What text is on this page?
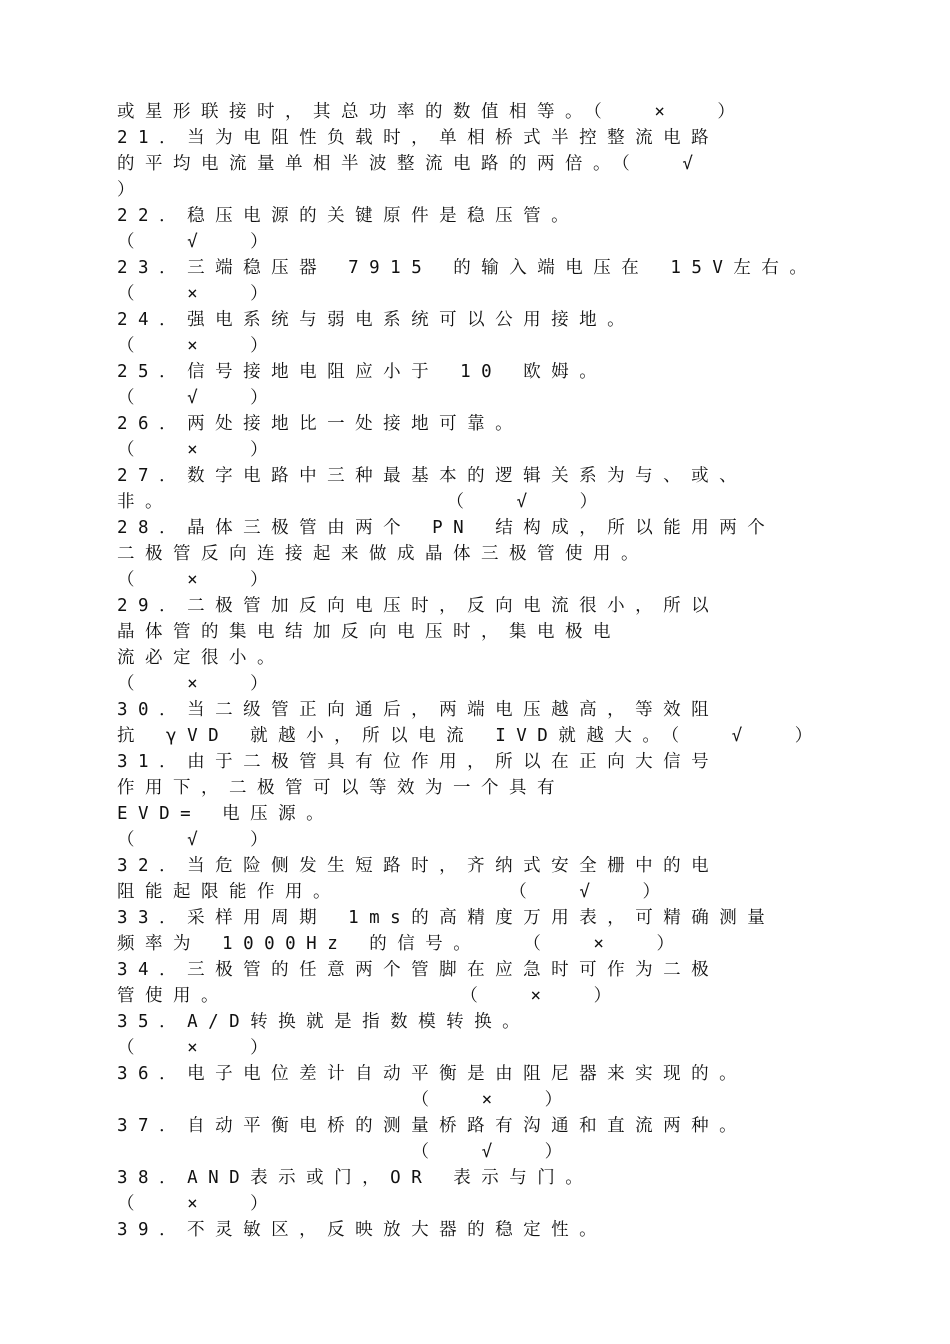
或星形联接时，其总功率的数值相等。（  ×  ）
21．当为电阻性负载时，单相桥式半控整流电路
的平均电流量单相半波整流电路的两倍。（  √
）
22．稳压电源的关键原件是稳压管。
（  √  ）
23．三端稳压器 7915 的输入端电压在 15V左右。
（  ×  ）
24．强电系统与弱电系统可以公用接地。
（  ×  ）
25．信号接地电阻应小于 10 欧姆。
（  √  ）
26．两处接地比一处接地可靠。
（  ×  ）
27．数字电路中三种最基本的逻辑关系为与、或、
非。             （  √  ）
28．晶体三极管由两个 PN 结构成，所以能用两个
二极管反向连接起来做成晶体三极管使用。
（  ×  ）
29．二极管加反向电压时，反向电流很小，所以
晶体管的集电结加反向电压时，集电极电
流必定很小。
（  ×  ）
30．当二级管正向通后，两端电压越高，等效阻
抗 γVD 就越小，所以电流 IVD就越大。（  √  ）
31．由于二极管具有位作用，所以在正向大信号
作用下，二极管可以等效为一个具有
EVD= 电压源。
（  √  ）
32．当危险侧发生短路时，齐纳式安全栅中的电
阻能起限能作用。        （  √  ）
33．采样用周期 1ms的高精度万用表，可精确测量
频率为 1000Hz 的信号。  （  ×  ）
34．三极管的任意两个管脚在应急时可作为二极
管使用。           （  ×  ）
35．A/D转换就是指数模转换。
（  ×  ）
36．电子电位差计自动平衡是由阻尼器来实现的。
（  ×  ）
37．自动平衡电桥的测量桥路有沟通和直流两种。
（  √  ）
38．AND表示或门，OR 表示与门。
（  ×  ）
39．不灵敏区，反映放大器的稳定性。
